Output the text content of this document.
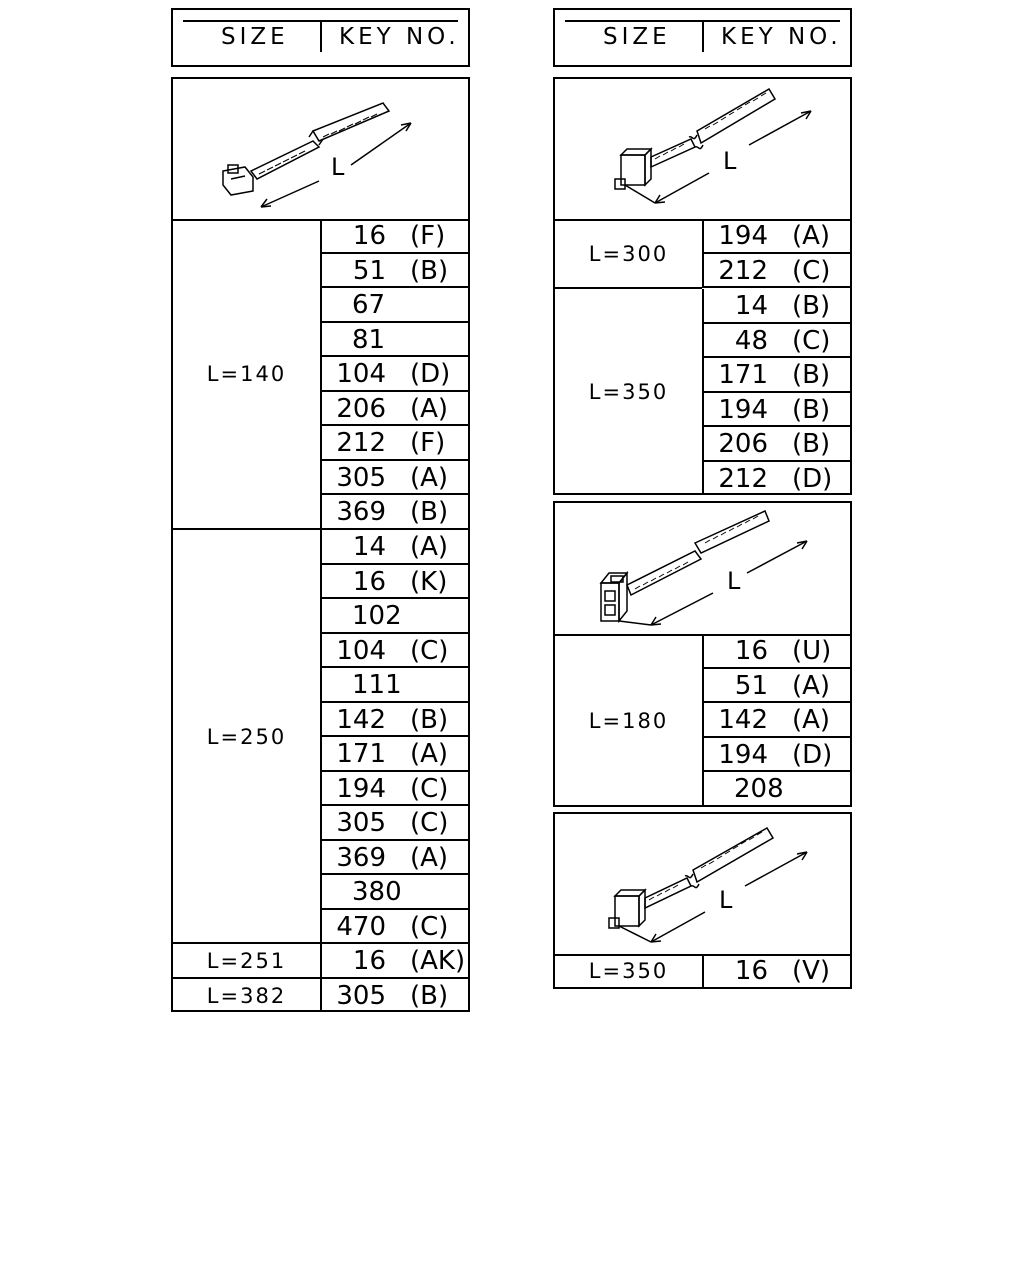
SIZE KEY NO.
L
L=140
16 (F)
51 (B)
67
81
104 (D)
206 (A)
212 (F)
305 (A)
369 (B)
L=250
14 (A)
16 (K)
102
104 (C)
111
142 (B)
171 (A)
194 (C)
305 (C)
369 (A)
380
470 (C)
L=251	16 (AK)
L=382	305 (B)
SIZE KEY NO.
L
L=300
194 (A)
212 (C)
L=350
14 (B)
48 (C)
171 (B)
194 (B)
206 (B)
212 (D)
L
L=180
16 (U)
51 (A)
142 (A)
194 (D)
208
L
L=350	16 (V)
